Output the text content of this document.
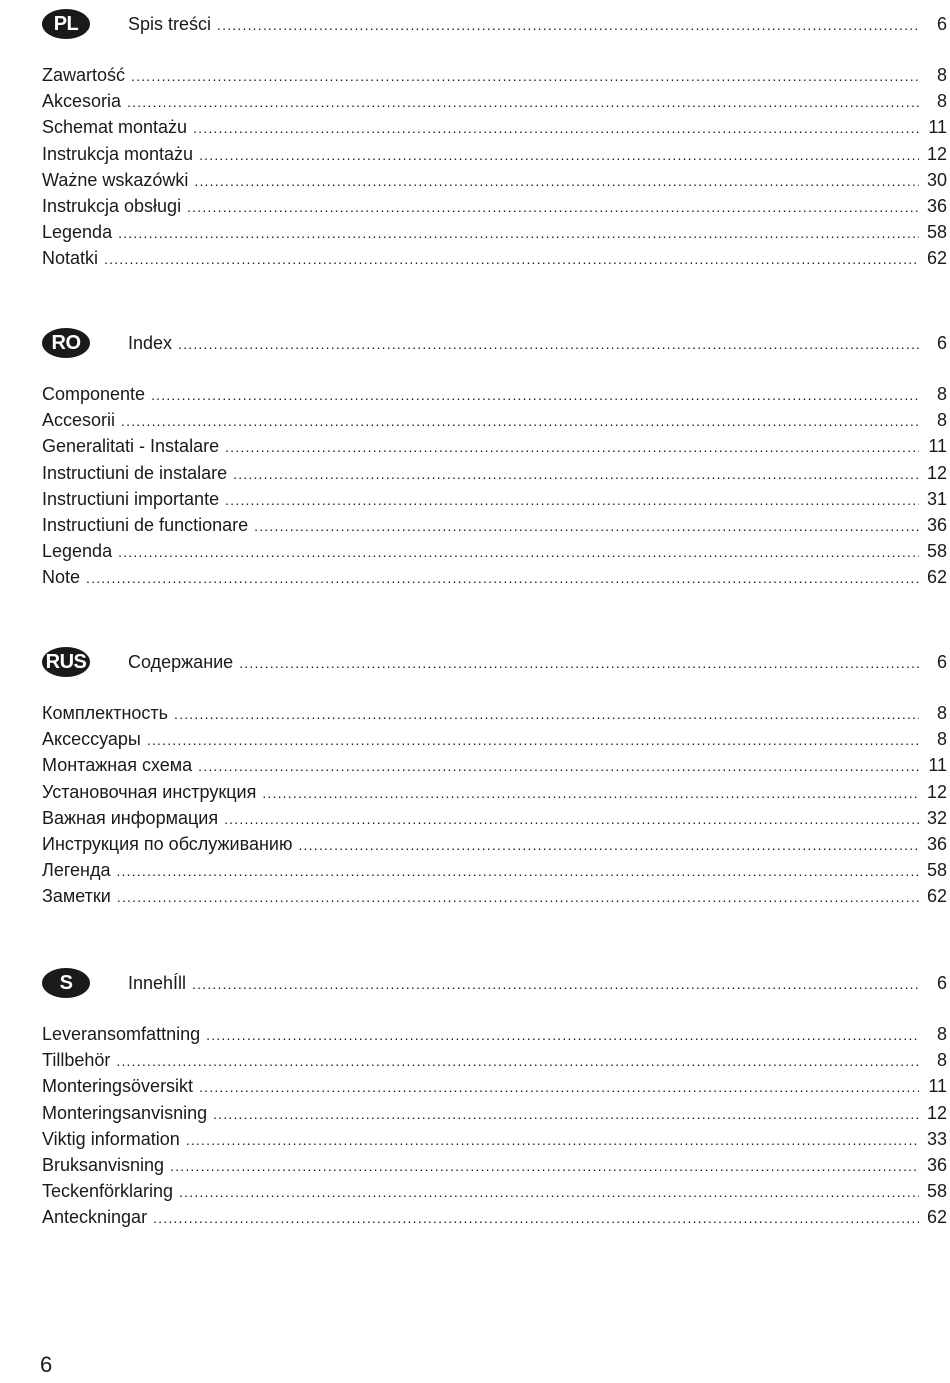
PL	Spis treści .....	6
Zawartość .....	8
Akcesoria .....	8
Schemat montażu .....	11
Instrukcja montażu .....	12
Ważne wskazówki .....	30
Instrukcja obsługi .....	36
Legenda .....	58
Notatki .....	62
RO	Index .....	6
Componente .....	8
Accesorii .....	8
Generalitati - Instalare .....	11
Instructiuni de instalare .....	12
Instructiuni importante .....	31
Instructiuni de functionare .....	36
Legenda .....	58
Note .....	62
RUS Содержание .....	6
Комплектность .....	8
Аксессуары .....	8
Монтажная схема .....	11
Установочная инструкция .....	12
Важная информация .....	32
Инструкция по обслуживанию .....	36
Легенда .....	58
Заметки .....	62
S	InnehÍll .....	6
Leveransomfattning .....	8
Tillbehör .....	8
Monteringsöversikt .....	11
Monteringsanvisning .....	12
Viktig information .....	33
Bruksanvisning .....	36
Teckenförklaring .....	58
Anteckningar .....	62
6
